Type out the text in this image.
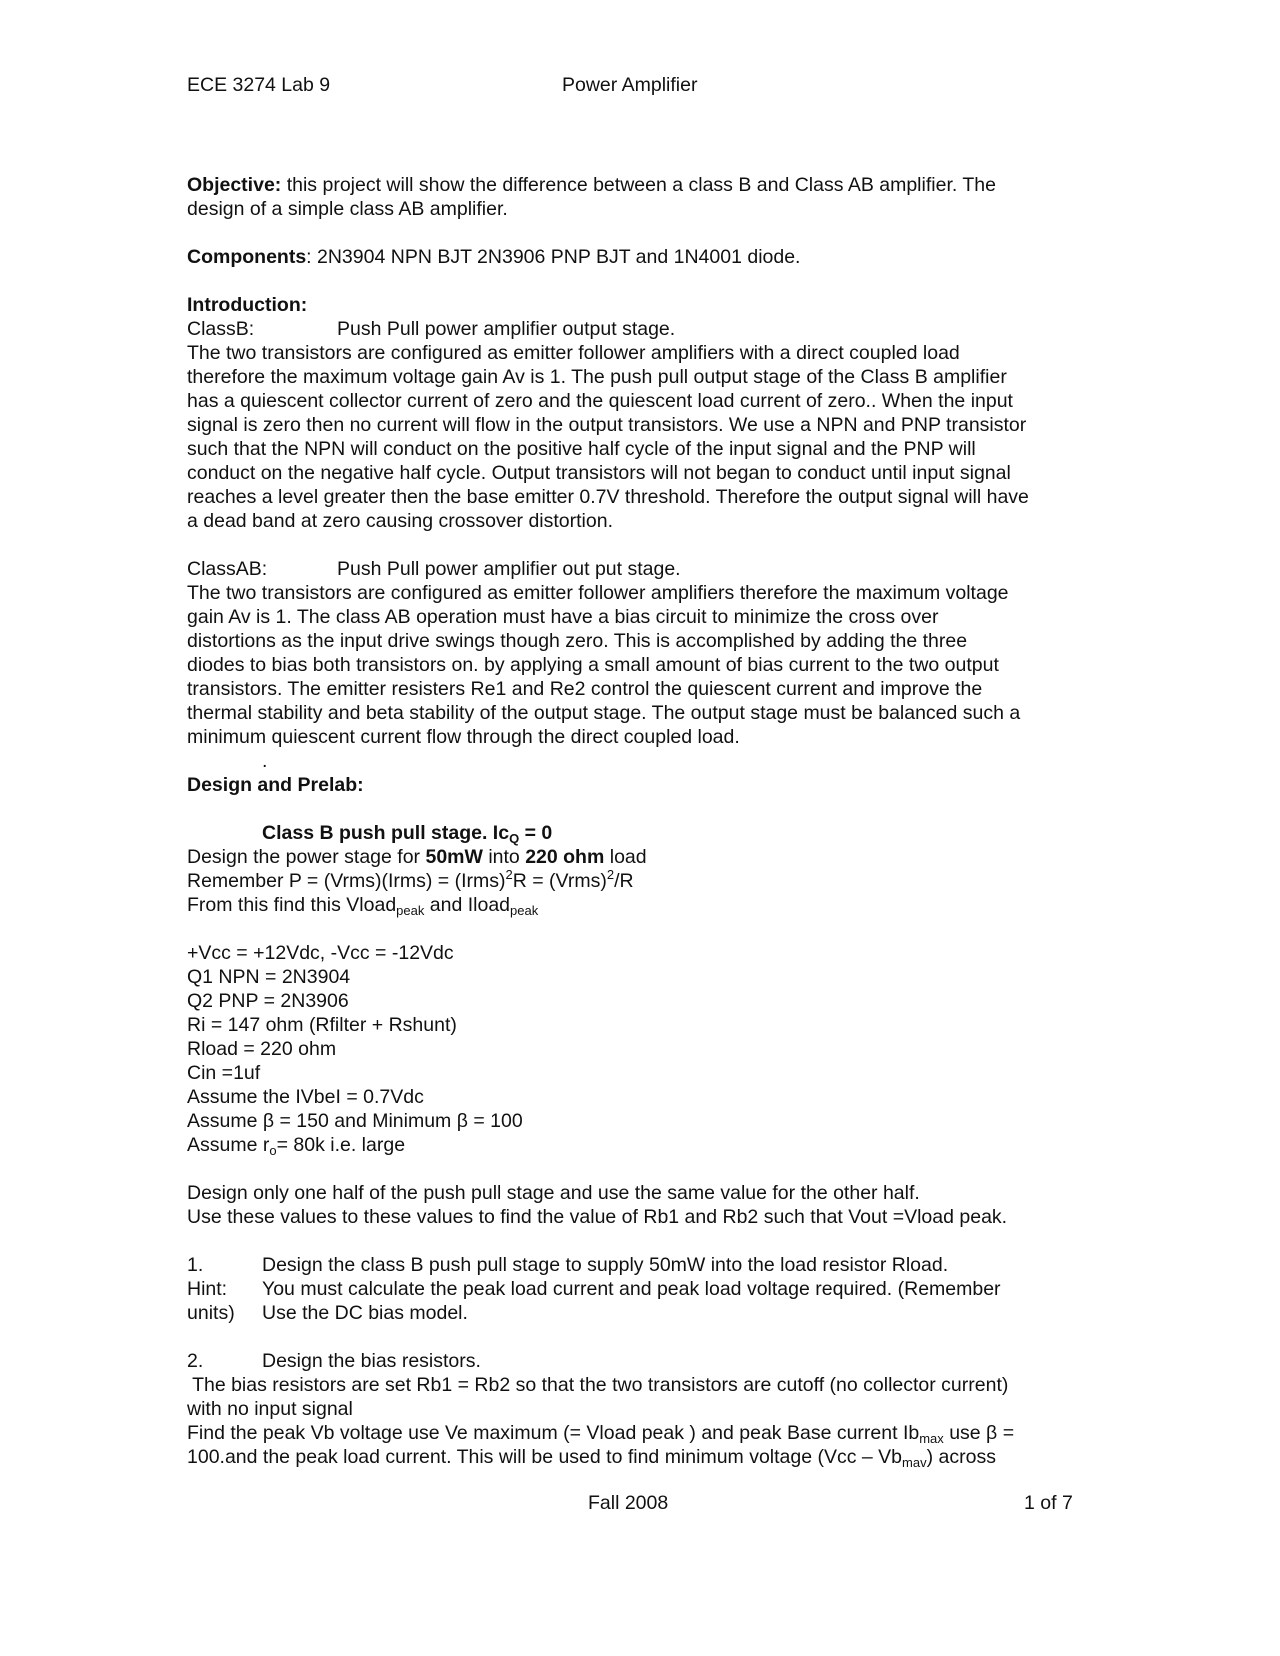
ECE 3274 Lab 9	Power Amplifier

Objective: this project will show the difference between a class B and Class AB amplifier. The

design of a simple class AB amplifier.

Components: 2N3904 NPN BJT 2N3906 PNP BJT and 1N4001 diode.

Introduction:

ClassB:	Push Pull power amplifier output stage.

The two transistors are configured as emitter follower amplifiers with a direct coupled load

therefore the maximum voltage gain Av is 1. The push pull output stage of the Class B amplifier

has a quiescent collector current of zero and the quiescent load current of zero.. When the input

signal is zero then no current will flow in the output transistors. We use a NPN and PNP transistor

such that the NPN will conduct on the positive half cycle of the input signal and the PNP will

conduct on the negative half cycle. Output transistors will not began to conduct until input signal

reaches a level greater then the base emitter 0.7V threshold. Therefore the output signal will have

a dead band at zero causing crossover distortion.

ClassAB:	Push Pull power amplifier out put stage.

The two transistors are configured as emitter follower amplifiers therefore the maximum voltage

gain Av is 1. The class AB operation must have a bias circuit to minimize the cross over

distortions as the input drive swings though zero. This is accomplished by adding the three

diodes to bias both transistors on. by applying a small amount of bias current to the two output

transistors. The emitter resisters Re1 and Re2 control the quiescent current and improve the

thermal stability and beta stability of the output stage. The output stage must be balanced such a

minimum quiescent current flow through the direct coupled load.

.

Design and Prelab:

Class B push pull stage. $Ic_Q = 0$

Design the power stage for 50mW into 220 ohm load

Remember P = (Vrms)(Irms) = (Irms)$^2$R = (Vrms)$^2$/R

From this find this Vload$_{peak}$ and Iload$_{peak}$

+Vcc = +12Vdc, -Vcc = -12Vdc

Q1 NPN = 2N3904

Q2 PNP = 2N3906

Ri = 147 ohm (Rfilter + Rshunt)

Rload = 220 ohm

Cin =1uf

Assume the IVbeI = 0.7Vdc

Assume β = 150 and Minimum β = 100

Assume $r_o= 80k$ i.e. large

Design only one half of the push pull stage and use the same value for the other half.

Use these values to these values to find the value of Rb1 and Rb2 such that Vout =Vload peak.

1.	Design the class B push pull stage to supply 50mW into the load resistor Rload.
Hint:	You must calculate the peak load current and peak load voltage required. (Remember
units)	Use the DC bias model.
2.	Design the bias resistors.

The bias resistors are set Rb1 = Rb2 so that the two transistors are cutoff (no collector current)

with no input signal

Find the peak Vb voltage use Ve maximum (= Vload peak ) and peak Base current $Ib_{max}$ use β =

100.and the peak load current. This will be used to find minimum voltage $(Vcc - Vb_{mav})$ across

Fall 2008	1 of 7
